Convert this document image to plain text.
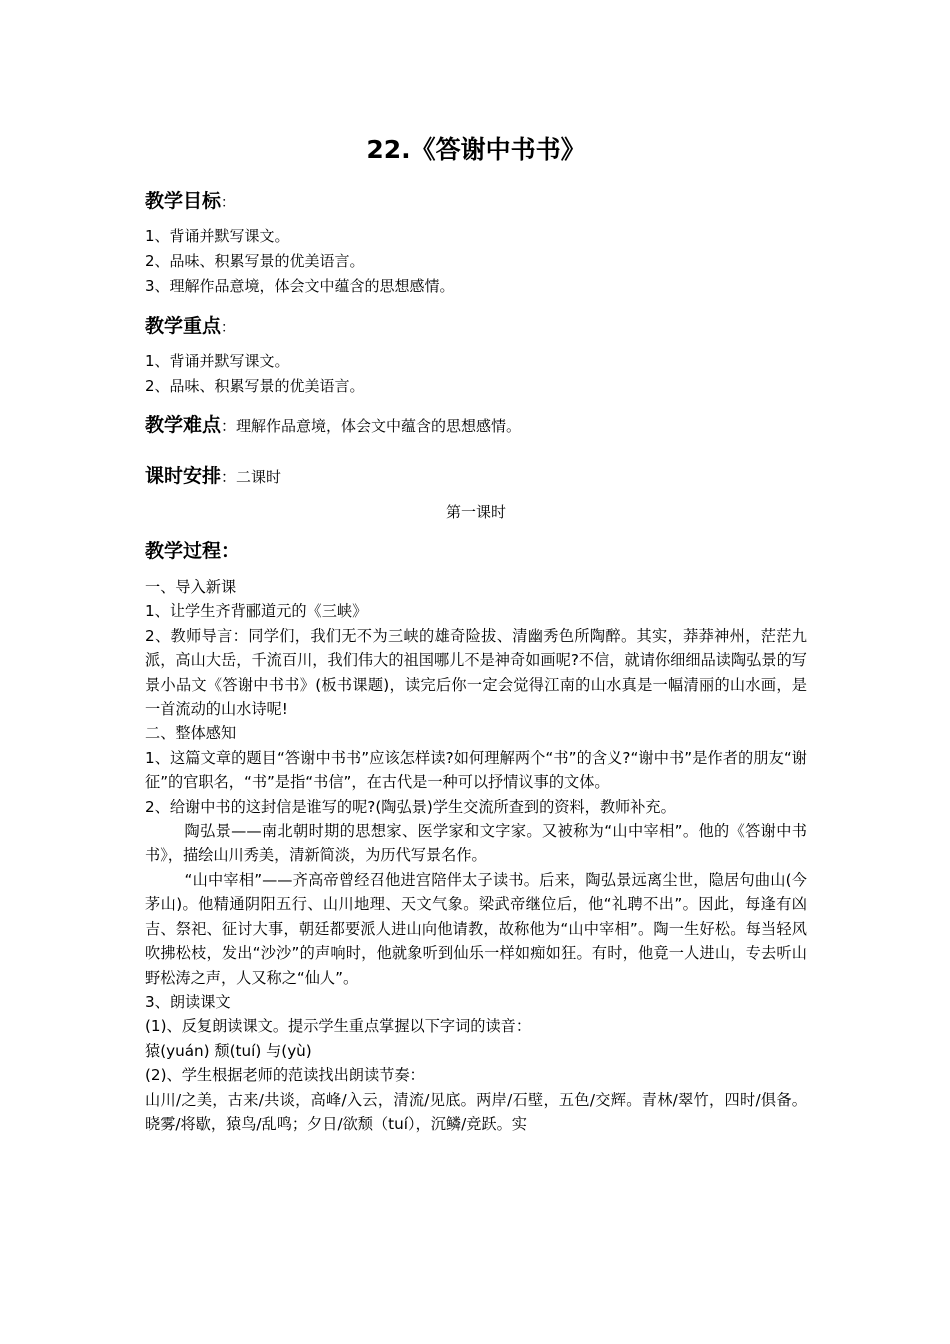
22.《答谢中书书》
教学目标：
1、背诵并默写课文。
2、品味、积累写景的优美语言。
3、理解作品意境，体会文中蕴含的思想感情。
教学重点：
1、背诵并默写课文。
2、品味、积累写景的优美语言。
教学难点：理解作品意境，体会文中蕴含的思想感情。
课时安排：二课时

第一课时

教学过程：

一、导入新课

1、让学生齐背郦道元的《三峡》

2、教师导言：同学们，我们无不为三峡的雄奇险拔、清幽秀色所陶醉。其实，莽莽神州，茫茫九派，高山大岳，千流百川，我们伟大的祖国哪儿不是神奇如画呢?不信，就请你细细品读陶弘景的写景小品文《答谢中书书》(板书课题)，读完后你一定会觉得江南的山水真是一幅清丽的山水画，是一首流动的山水诗呢!

二、整体感知

1、这篇文章的题目“答谢中书书”应该怎样读?如何理解两个“书”的含义?“谢中书”是作者的朋友“谢征”的官职名，“书”是指“书信”，在古代是一种可以抒情议事的文体。

2、给谢中书的这封信是谁写的呢?(陶弘景)学生交流所查到的资料，教师补充。

陶弘景——南北朝时期的思想家、医学家和文字家。又被称为“山中宰相”。他的《答谢中书书》，描绘山川秀美，清新简淡，为历代写景名作。

“山中宰相”——齐高帝曾经召他进宫陪伴太子读书。后来，陶弘景远离尘世，隐居句曲山(今茅山)。他精通阴阳五行、山川地理、天文气象。梁武帝继位后，他“礼聘不出”。因此，每逢有凶吉、祭祀、征讨大事，朝廷都要派人进山向他请教，故称他为“山中宰相”。陶一生好松。每当轻风吹拂松枝，发出“沙沙”的声响时，他就象听到仙乐一样如痴如狂。有时，他竟一人进山，专去听山野松涛之声，人又称之“仙人”。

3、朗读课文

(1)、反复朗读课文。提示学生重点掌握以下字词的读音：

猿(yuán) 颓(tuí) 与(yù)

(2)、学生根据老师的范读找出朗读节奏：

山川/之美，古来/共谈，高峰/入云，清流/见底。两岸/石壁，五色/交辉。青林/翠竹，四时/俱备。晓雾/将歇，猿鸟/乱鸣；夕日/欲颓（tuí），沉鳞/竞跃。实
